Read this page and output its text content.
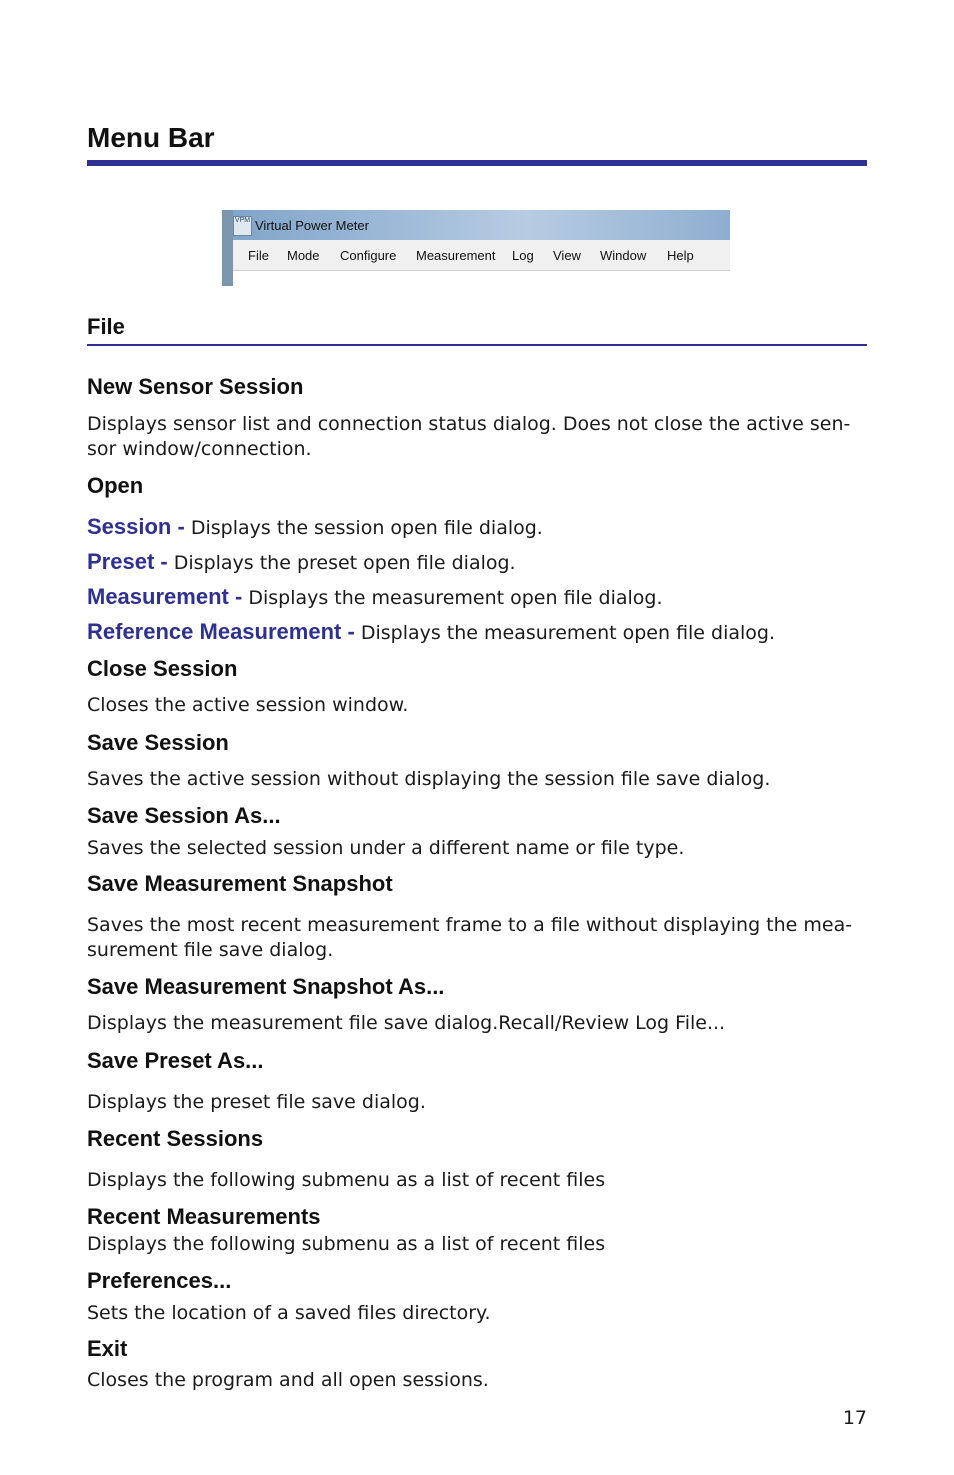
Menu Bar
VPM Virtual Power Meter
File Mode Configure Measurement Log View Window Help
File
New Sensor Session
Displays sensor list and connection status dialog. Does not close the active sen-
sor window/connection.
Open
Session - Displays the session open file dialog.
Preset - Displays the preset open file dialog.
Measurement - Displays the measurement open file dialog.
Reference Measurement - Displays the measurement open file dialog.
Close Session
Closes the active session window.
Save Session
Saves the active session without displaying the session file save dialog.
Save Session As...
Saves the selected session under a different name or file type.
Save Measurement Snapshot
Saves the most recent measurement frame to a file without displaying the mea-
surement file save dialog.
Save Measurement Snapshot As...
Displays the measurement file save dialog.Recall/Review Log File...
Save Preset As...
Displays the preset file save dialog.
Recent Sessions
Displays the following submenu as a list of recent files
Recent Measurements
Displays the following submenu as a list of recent files
Preferences...
Sets the location of a saved files directory.
Exit
Closes the program and all open sessions.
17
